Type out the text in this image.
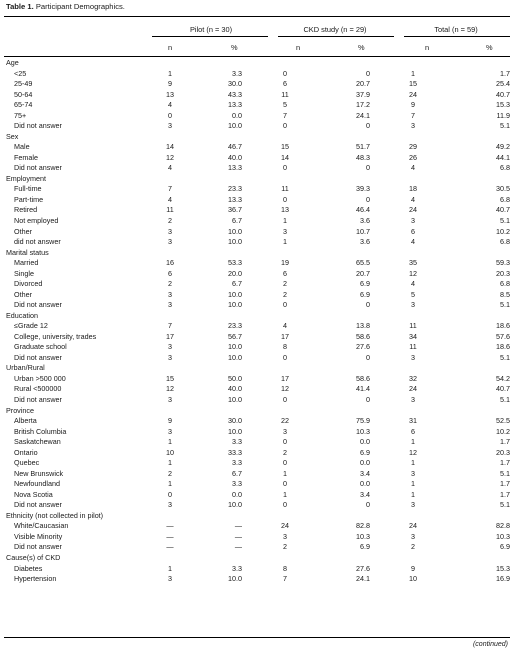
Table 1. Participant Demographics.
Pilot (n = 30)	CKD study (n = 29)	Total (n = 59)
n	%	n	%	n	%
Age						
<25	1	3.3	0	0	1	1.7
25-49	9	30.0	6	20.7	15	25.4
50-64	13	43.3	11	37.9	24	40.7
65-74	4	13.3	5	17.2	9	15.3
75+	0	0.0	7	24.1	7	11.9
Did not answer	3	10.0	0	0	3	5.1
Sex						
Male	14	46.7	15	51.7	29	49.2
Female	12	40.0	14	48.3	26	44.1
Did not answer	4	13.3	0	0	4	6.8
Employment						
Full-time	7	23.3	11	39.3	18	30.5
Part-time	4	13.3	0	0	4	6.8
Retired	11	36.7	13	46.4	24	40.7
Not employed	2	6.7	1	3.6	3	5.1
Other	3	10.0	3	10.7	6	10.2
did not answer	3	10.0	1	3.6	4	6.8
Marital status						
Married	16	53.3	19	65.5	35	59.3
Single	6	20.0	6	20.7	12	20.3
Divorced	2	6.7	2	6.9	4	6.8
Other	3	10.0	2	6.9	5	8.5
Did not answer	3	10.0	0	0	3	5.1
Education						
≤Grade 12	7	23.3	4	13.8	11	18.6
College, university, trades	17	56.7	17	58.6	34	57.6
Graduate school	3	10.0	8	27.6	11	18.6
Did not answer	3	10.0	0	0	3	5.1
Urban/Rural						
Urban >500 000	15	50.0	17	58.6	32	54.2
Rural <500000	12	40.0	12	41.4	24	40.7
Did not answer	3	10.0	0	0	3	5.1
Province						
Alberta	9	30.0	22	75.9	31	52.5
British Columbia	3	10.0	3	10.3	6	10.2
Saskatchewan	1	3.3	0	0.0	1	1.7
Ontario	10	33.3	2	6.9	12	20.3
Quebec	1	3.3	0	0.0	1	1.7
New Brunswick	2	6.7	1	3.4	3	5.1
Newfoundland	1	3.3	0	0.0	1	1.7
Nova Scotia	0	0.0	1	3.4	1	1.7
Did not answer	3	10.0	0	0	3	5.1
Ethnicity (not collected in pilot)						
White/Caucasian	—	—	24	82.8	24	82.8
Visible Minority	—	—	3	10.3	3	10.3
Did not answer	—	—	2	6.9	2	6.9
Cause(s) of CKD						
Diabetes	1	3.3	8	27.6	9	15.3
Hypertension	3	10.0	7	24.1	10	16.9
(continued)
